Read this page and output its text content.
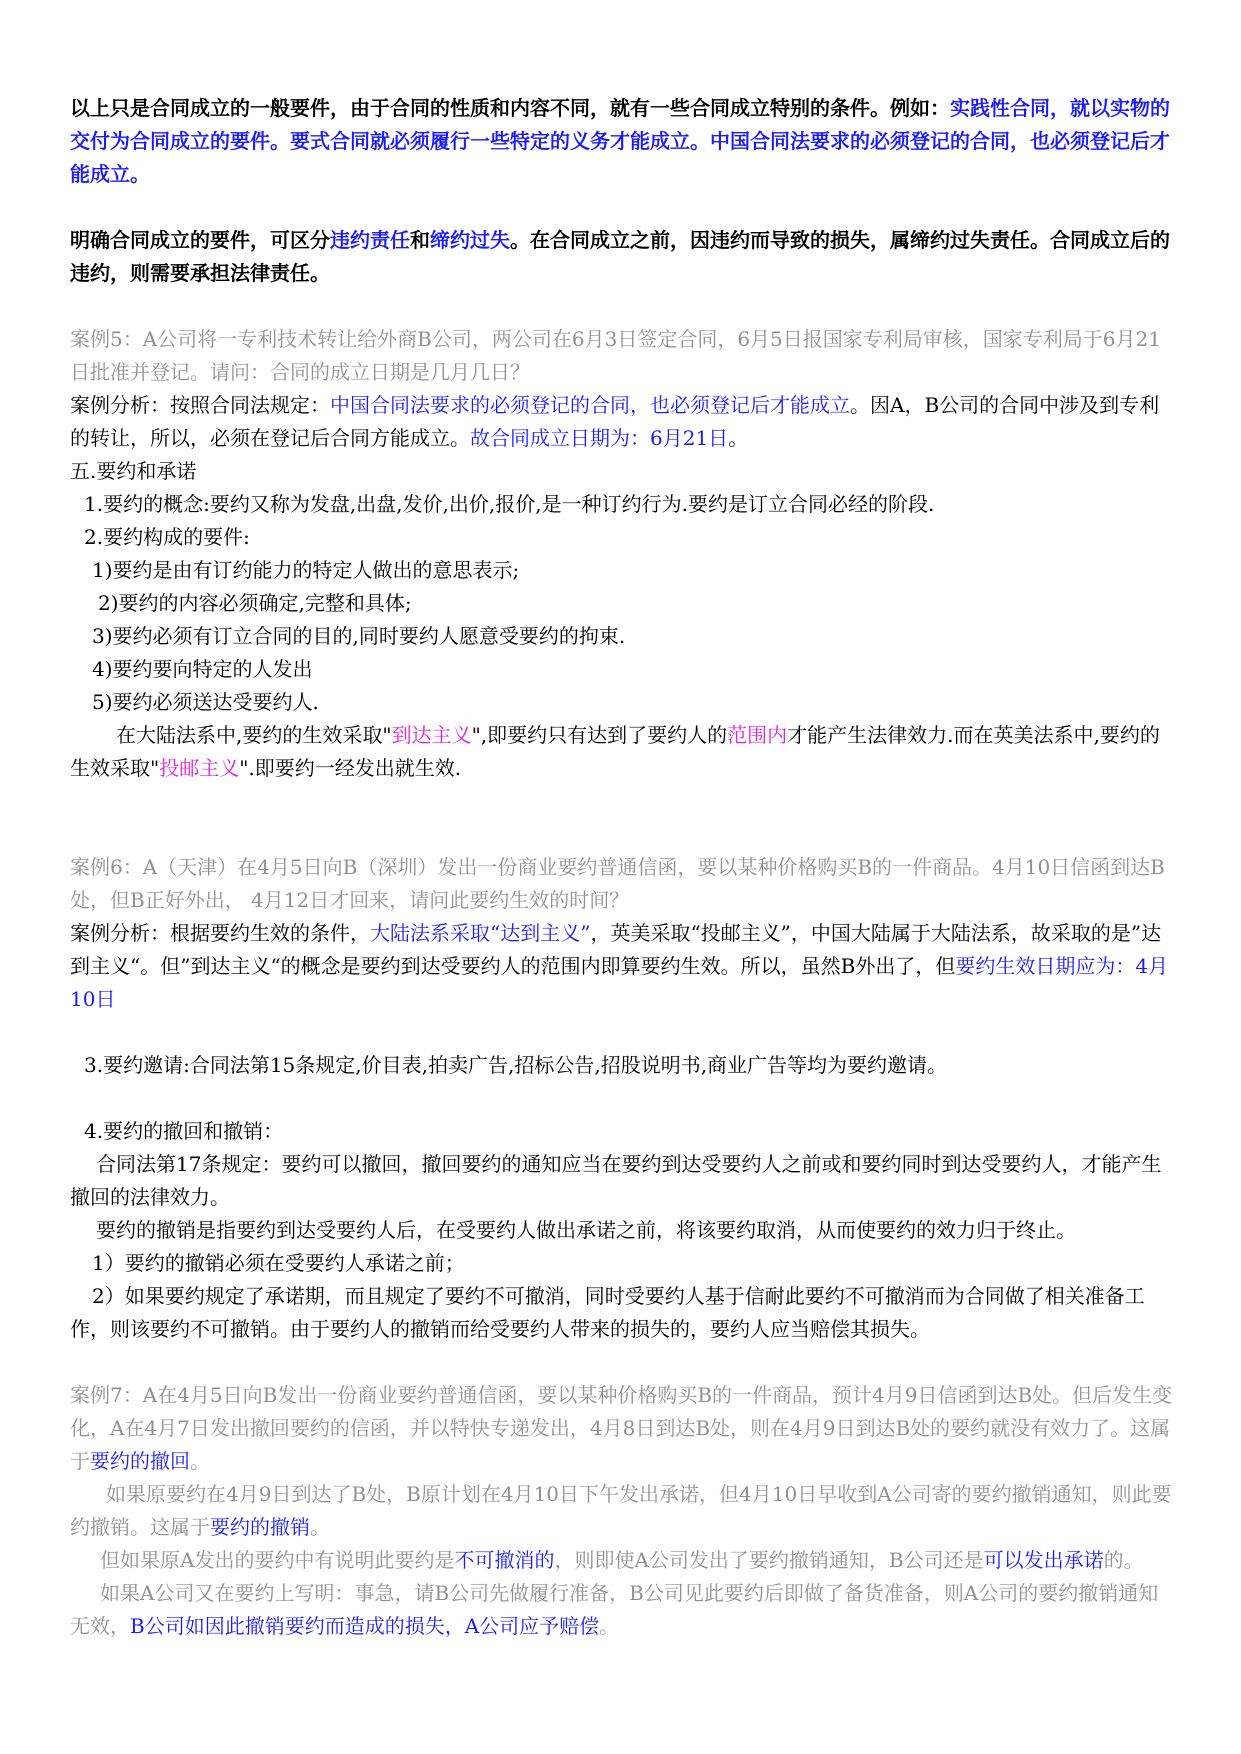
以上只是合同成立的一般要件，由于合同的性质和内容不同，就有一些合同成立特别的条件。例如：实践性合同，就以实物的交付为合同成立的要件。要式合同就必须履行一些特定的义务才能成立。中国合同法要求的必须登记的合同，也必须登记后才能成立。

明确合同成立的要件，可区分违约责任和缔约过失。在合同成立之前，因违约而导致的损失，属缔约过失责任。合同成立后的违约，则需要承担法律责任。

案例5：A公司将一专利技术转让给外商B公司，两公司在6月3日签定合同，6月5日报国家专利局审核，国家专利局于6月21日批准并登记。请问：合同的成立日期是几月几日？

案例分析：按照合同法规定：中国合同法要求的必须登记的合同，也必须登记后才能成立。因A，B公司的合同中涉及到专利的转让，所以，必须在登记后合同方能成立。故合同成立日期为：6月21日。

五.要约和承诺

1.要约的概念:要约又称为发盘,出盘,发价,出价,报价,是一种订约行为.要约是订立合同必经的阶段.

2.要约构成的要件:

1)要约是由有订约能力的特定人做出的意思表示;

2)要约的内容必须确定,完整和具体;

3)要约必须有订立合同的目的,同时要约人愿意受要约的拘束.

4)要约要向特定的人发出

5)要约必须送达受要约人.

在大陆法系中,要约的生效采取"到达主义",即要约只有达到了要约人的范围内才能产生法律效力.而在英美法系中,要约的生效采取"投邮主义".即要约一经发出就生效.

案例6：A（天津）在4月5日向B（深圳）发出一份商业要约普通信函，要以某种价格购买B的一件商品。4月10日信函到达B处，但B正好外出， 4月12日才回来，请问此要约生效的时间？

案例分析：根据要约生效的条件，大陆法系采取“达到主义”，英美采取“投邮主义”，中国大陆属于大陆法系，故采取的是”达到主义“。但”到达主义“的概念是要约到达受要约人的范围内即算要约生效。所以，虽然B外出了，但要约生效日期应为：4月10日

3.要约邀请:合同法第15条规定,价目表,拍卖广告,招标公告,招股说明书,商业广告等均为要约邀请。

4.要约的撤回和撤销：

合同法第17条规定：要约可以撤回，撤回要约的通知应当在要约到达受要约人之前或和要约同时到达受要约人，才能产生撤回的法律效力。

要约的撤销是指要约到达受要约人后，在受要约人做出承诺之前，将该要约取消，从而使要约的效力归于终止。

1）要约的撤销必须在受要约人承诺之前；

2）如果要约规定了承诺期，而且规定了要约不可撤消，同时受要约人基于信耐此要约不可撤消而为合同做了相关准备工作，则该要约不可撤销。由于要约人的撤销而给受要约人带来的损失的，要约人应当赔偿其损失。

案例7：A在4月5日向B发出一份商业要约普通信函，要以某种价格购买B的一件商品，预计4月9日信函到达B处。但后发生变化，A在4月7日发出撤回要约的信函，并以特快专递发出，4月8日到达B处，则在4月9日到达B处的要约就没有效力了。这属于要约的撤回。

如果原要约在4月9日到达了B处，B原计划在4月10日下午发出承诺，但4月10日早收到A公司寄的要约撤销通知，则此要约撤销。这属于要约的撤销。

但如果原A发出的要约中有说明此要约是不可撤消的，则即使A公司发出了要约撤销通知，B公司还是可以发出承诺的。

如果A公司又在要约上写明：事急，请B公司先做履行准备，B公司见此要约后即做了备货准备，则A公司的要约撤销通知无效，B公司如因此撤销要约而造成的损失，A公司应予赔偿。
